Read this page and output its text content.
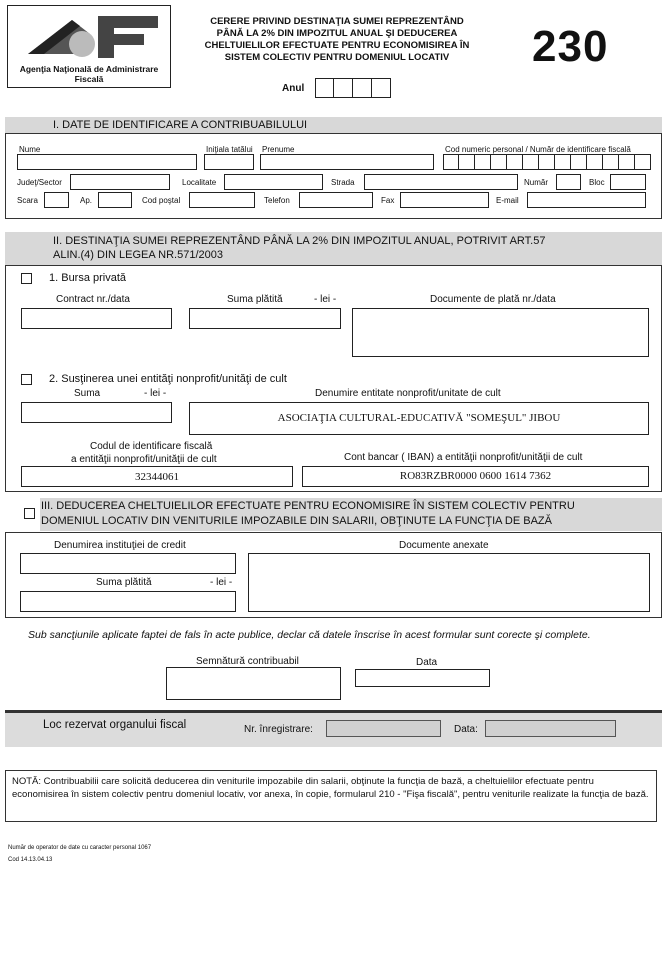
Agenţia Naţională de Administrare Fiscală
CERERE PRIVIND DESTINAŢIA SUMEI REPREZENTÂND
PÂNĂ LA 2% DIN IMPOZITUL ANUAL ŞI DEDUCEREA
CHELTUIELILOR EFECTUATE PENTRU ECONOMISIREA ÎN
SISTEM COLECTIV PENTRU DOMENIUL LOCATIV	230
Anul
I. DATE DE IDENTIFICARE A CONTRIBUABILULUI
Nume	Iniţiala tatălui Prenume	Cod numeric personal / Număr de identificare fiscală
Judeţ/Sector	Localitate	Strada	Număr	Bloc
Scara	Ap.	Cod poştal	Telefon	Fax	E-mail
II. DESTINAŢIA SUMEI REPREZENTÂND PÂNĂ LA 2% DIN IMPOZITUL ANUAL, POTRIVIT ART.57
ALIN.(4) DIN LEGEA NR.571/2003
1. Bursa privată
Contract nr./data	Suma plătită	- lei -	Documente de plată nr./data
2. Susţinerea unei entităţi nonprofit/unităţi de cult
Suma	- lei -	Denumire entitate nonprofit/unitate de cult
ASOCIAŢIA CULTURAL-EDUCATIVĂ "SOMEŞUL" JIBOU
Codul de identificare fiscală
a entităţii nonprofit/unităţii de cult	Cont bancar ( IBAN) a entităţii nonprofit/unităţii de cult
32344061	RO83RZBR0000 0600 1614 7362
III. DEDUCEREA CHELTUIELILOR EFECTUATE PENTRU ECONOMISIRE ÎN SISTEM COLECTIV PENTRU
DOMENIUL LOCATIV DIN VENITURILE IMPOZABILE DIN SALARII, OBŢINUTE LA FUNCŢIA DE BAZĂ
Denumirea instituţiei de credit	Documente anexate
Suma plătită	- lei -
Sub sancţiunile aplicate faptei de fals în acte publice, declar că datele înscrise în acest formular sunt corecte şi complete.
Semnătură contribuabil	Data
Loc rezervat organului fiscal	Nr. înregistrare:	Data:
NOTĂ: Contribuabilii care solicită deducerea din veniturile impozabile din salarii, obţinute la funcţia de bază, a cheltuielilor efectuate pentru economisirea în sistem colectiv pentru domeniul locativ, vor anexa, în copie, formularul 210 - "Fişa fiscală", pentru veniturile realizate la funcţia de bază.
Număr de operator de date cu caracter personal 1067
Cod 14.13.04.13
